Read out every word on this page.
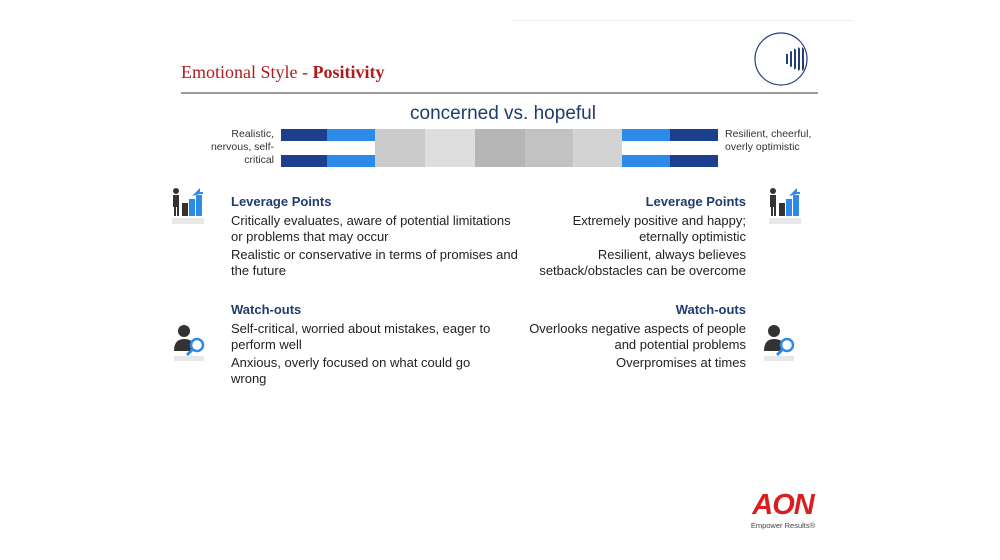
Emotional Style - Positivity
concerned vs. hopeful
Realistic, nervous, self-critical
Resilient, cheerful, overly optimistic
Leverage Points
Critically evaluates, aware of potential limitations or problems that may occur
Realistic or conservative in terms of promises and the future
Watch-outs
Self-critical, worried about mistakes, eager to perform well
Anxious, overly focused on what could go wrong
Leverage Points
Extremely positive and happy; eternally optimistic
Resilient, always believes setback/obstacles can be overcome
Watch-outs
Overlooks negative aspects of people and potential problems
Overpromises at times
AON
Empower Results®
